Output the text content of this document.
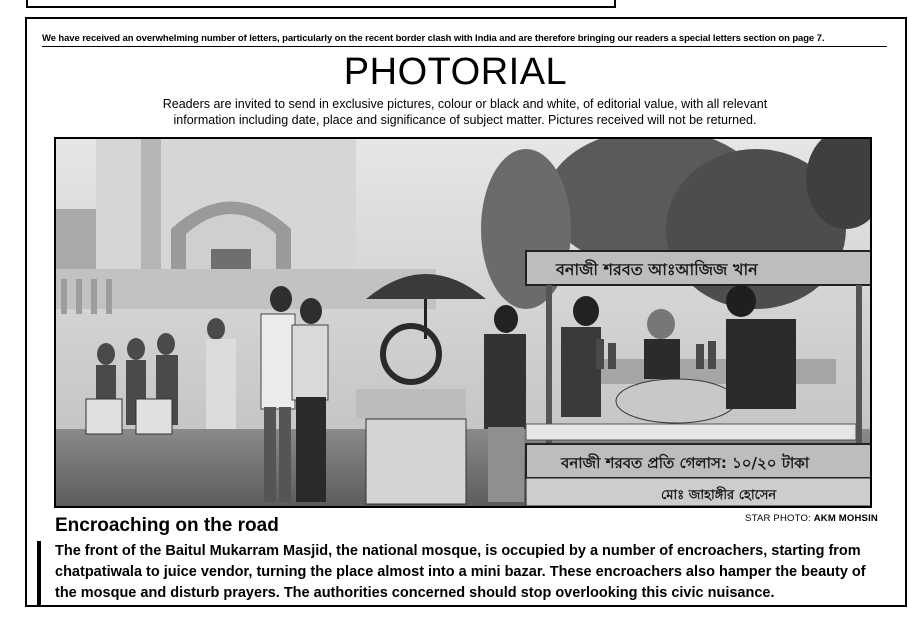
We have received an overwhelming number of letters, particularly on the recent border clash with India and are therefore bringing our readers a special letters section on page 7.
PHOTORIAL
Readers are invited to send in exclusive pictures, colour or black and white, of editorial value, with all relevant information including date, place and significance of subject matter. Pictures received will not be returned.
বনাজী শরবত আঃআজিজ খান
বনাজী শরবত প্রতি গেলাস: ১০/২০ টাকা
মোঃ জাহাঙ্গীর হোসেন
STAR PHOTO: AKM MOHSIN
Encroaching on the road
The front of the Baitul Mukarram Masjid, the national mosque, is occupied by a number of encroachers, starting from chatpatiwala to juice vendor, turning the place almost into a mini bazar. These encroachers also hamper the beauty of the mosque and disturb prayers. The authorities concerned should stop overlooking this civic nuisance.
